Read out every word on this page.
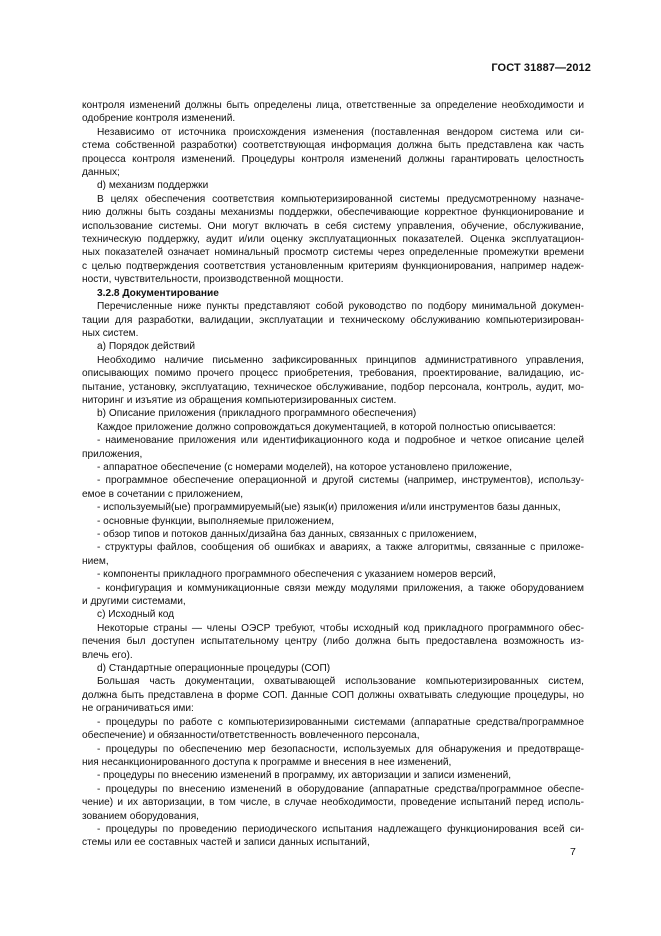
ГОСТ 31887—2012
контроля изменений должны быть определены лица, ответственные за определение необходимости и
одобрение контроля изменений.
Независимо от источника происхождения изменения (поставленная вендором система или си-
стема собственной разработки) соответствующая информация должна быть представлена как часть
процесса контроля изменений. Процедуры контроля изменений должны гарантировать целостность
данных;
d) механизм поддержки
В целях обеспечения соответствия компьютеризированной системы предусмотренному назначе-
нию должны быть созданы механизмы поддержки, обеспечивающие корректное функционирование и
использование системы. Они могут включать в себя систему управления, обучение, обслуживание,
техническую поддержку, аудит и/или оценку эксплуатационных показателей. Оценка эксплуатацион-
ных показателей означает номинальный просмотр системы через определенные промежутки времени
с целью подтверждения соответствия установленным критериям функционирования, например надеж-
ности, чувствительности, производственной мощности.
3.2.8 Документирование
Перечисленные ниже пункты представляют собой руководство по подбору минимальной докумен-
тации для разработки, валидации, эксплуатации и техническому обслуживанию компьютеризирован-
ных систем.
a) Порядок действий
Необходимо наличие письменно зафиксированных принципов административного управления,
описывающих помимо прочего процесс приобретения, требования, проектирование, валидацию, ис-
пытание, установку, эксплуатацию, техническое обслуживание, подбор персонала, контроль, аудит, мо-
ниторинг и изъятие из обращения компьютеризированных систем.
b) Описание приложения (прикладного программного обеспечения)
Каждое приложение должно сопровождаться документацией, в которой полностью описывается:
- наименование приложения или идентификационного кода и подробное и четкое описание целей
приложения,
- аппаратное обеспечение (с номерами моделей), на которое установлено приложение,
- программное обеспечение операционной и другой системы (например, инструментов), использу-
емое в сочетании с приложением,
- используемый(ые) программируемый(ые) язык(и) приложения и/или инструментов базы данных,
- основные функции, выполняемые приложением,
- обзор типов и потоков данных/дизайна баз данных, связанных с приложением,
- структуры файлов, сообщения об ошибках и авариях, а также алгоритмы, связанные с приложе-
нием,
- компоненты прикладного программного обеспечения с указанием номеров версий,
- конфигурация и коммуникационные связи между модулями приложения, а также оборудованием
и другими системами,
c) Исходный код
Некоторые страны — члены ОЭСР требуют, чтобы исходный код прикладного программного обес-
печения был доступен испытательному центру (либо должна быть предоставлена возможность из-
влечь его).
d) Стандартные операционные процедуры (СОП)
Большая часть документации, охватывающей использование компьютеризированных систем,
должна быть представлена в форме СОП. Данные СОП должны охватывать следующие процедуры, но
не ограничиваться ими:
- процедуры по работе с компьютеризированными системами (аппаратные средства/программное
обеспечение) и обязанности/ответственность вовлеченного персонала,
- процедуры по обеспечению мер безопасности, используемых для обнаружения и предотвраще-
ния несанкционированного доступа к программе и внесения в нее изменений,
- процедуры по внесению изменений в программу, их авторизации и записи изменений,
- процедуры по внесению изменений в оборудование (аппаратные средства/программное обеспе-
чение) и их авторизации, в том числе, в случае необходимости, проведение испытаний перед исполь-
зованием оборудования,
- процедуры по проведению периодического испытания надлежащего функционирования всей си-
стемы или ее составных частей и записи данных испытаний,
7
